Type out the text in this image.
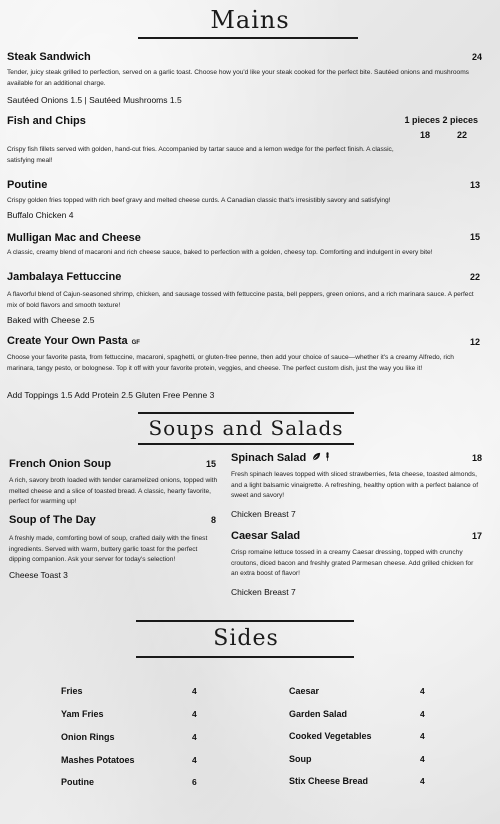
Mains
Steak Sandwich	24
Tender, juicy steak grilled to perfection, served on a garlic toast. Choose how you'd like your steak cooked for the perfect bite. Sautéed onions and mushrooms available for an additional charge.
Sautéed Onions 1.5 | Sautéed Mushrooms 1.5
Fish and Chips	1 pieces 2 pieces
18	22
Crispy fish fillets served with golden, hand-cut fries. Accompanied by tartar sauce and a lemon wedge for the perfect finish. A classic, satisfying meal!
Poutine	13
Crispy golden fries topped with rich beef gravy and melted cheese curds. A Canadian classic that's irresistibly savory and satisfying!
Buffalo Chicken 4
Mulligan Mac and Cheese	15
A classic, creamy blend of macaroni and rich cheese sauce, baked to perfection with a golden, cheesy top. Comforting and indulgent in every bite!
Jambalaya Fettuccine	22
A flavorful blend of Cajun-seasoned shrimp, chicken, and sausage tossed with fettuccine pasta, bell peppers, green onions, and a rich marinara sauce. A perfect mix of bold flavors and smooth texture!
Baked with Cheese 2.5
Create Your Own Pasta GF	12
Choose your favorite pasta, from fettuccine, macaroni, spaghetti, or gluten-free penne, then add your choice of sauce—whether it's a creamy Alfredo, rich marinara, tangy pesto, or bolognese. Top it off with your favorite protein, veggies, and cheese. The perfect custom dish, just the way you like it!
Add Toppings 1.5 Add Protein 2.5 Gluten Free Penne 3
Soups and Salads
French Onion Soup	15
A rich, savory broth loaded with tender caramelized onions, topped with melted cheese and a slice of toasted bread. A classic, hearty favorite, perfect for warming up!
Soup of The Day	8
A freshly made, comforting bowl of soup, crafted daily with the finest ingredients. Served with warm, buttery garlic toast for the perfect dipping companion. Ask your server for today's selection!
Cheese Toast 3
Spinach Salad	18
Fresh spinach leaves topped with sliced strawberries, feta cheese, toasted almonds, and a light balsamic vinaigrette. A refreshing, healthy option with a perfect balance of sweet and savory!
Chicken Breast 7
Caesar Salad	17
Crisp romaine lettuce tossed in a creamy Caesar dressing, topped with crunchy croutons, diced bacon and freshly grated Parmesan cheese. Add grilled chicken for an extra boost of flavor!
Chicken Breast 7
Sides
Fries	4
Yam Fries	4
Onion Rings	4
Mashes Potatoes	4
Poutine	6
Caesar	4
Garden Salad	4
Cooked Vegetables	4
Soup	4
Stix Cheese Bread	4
